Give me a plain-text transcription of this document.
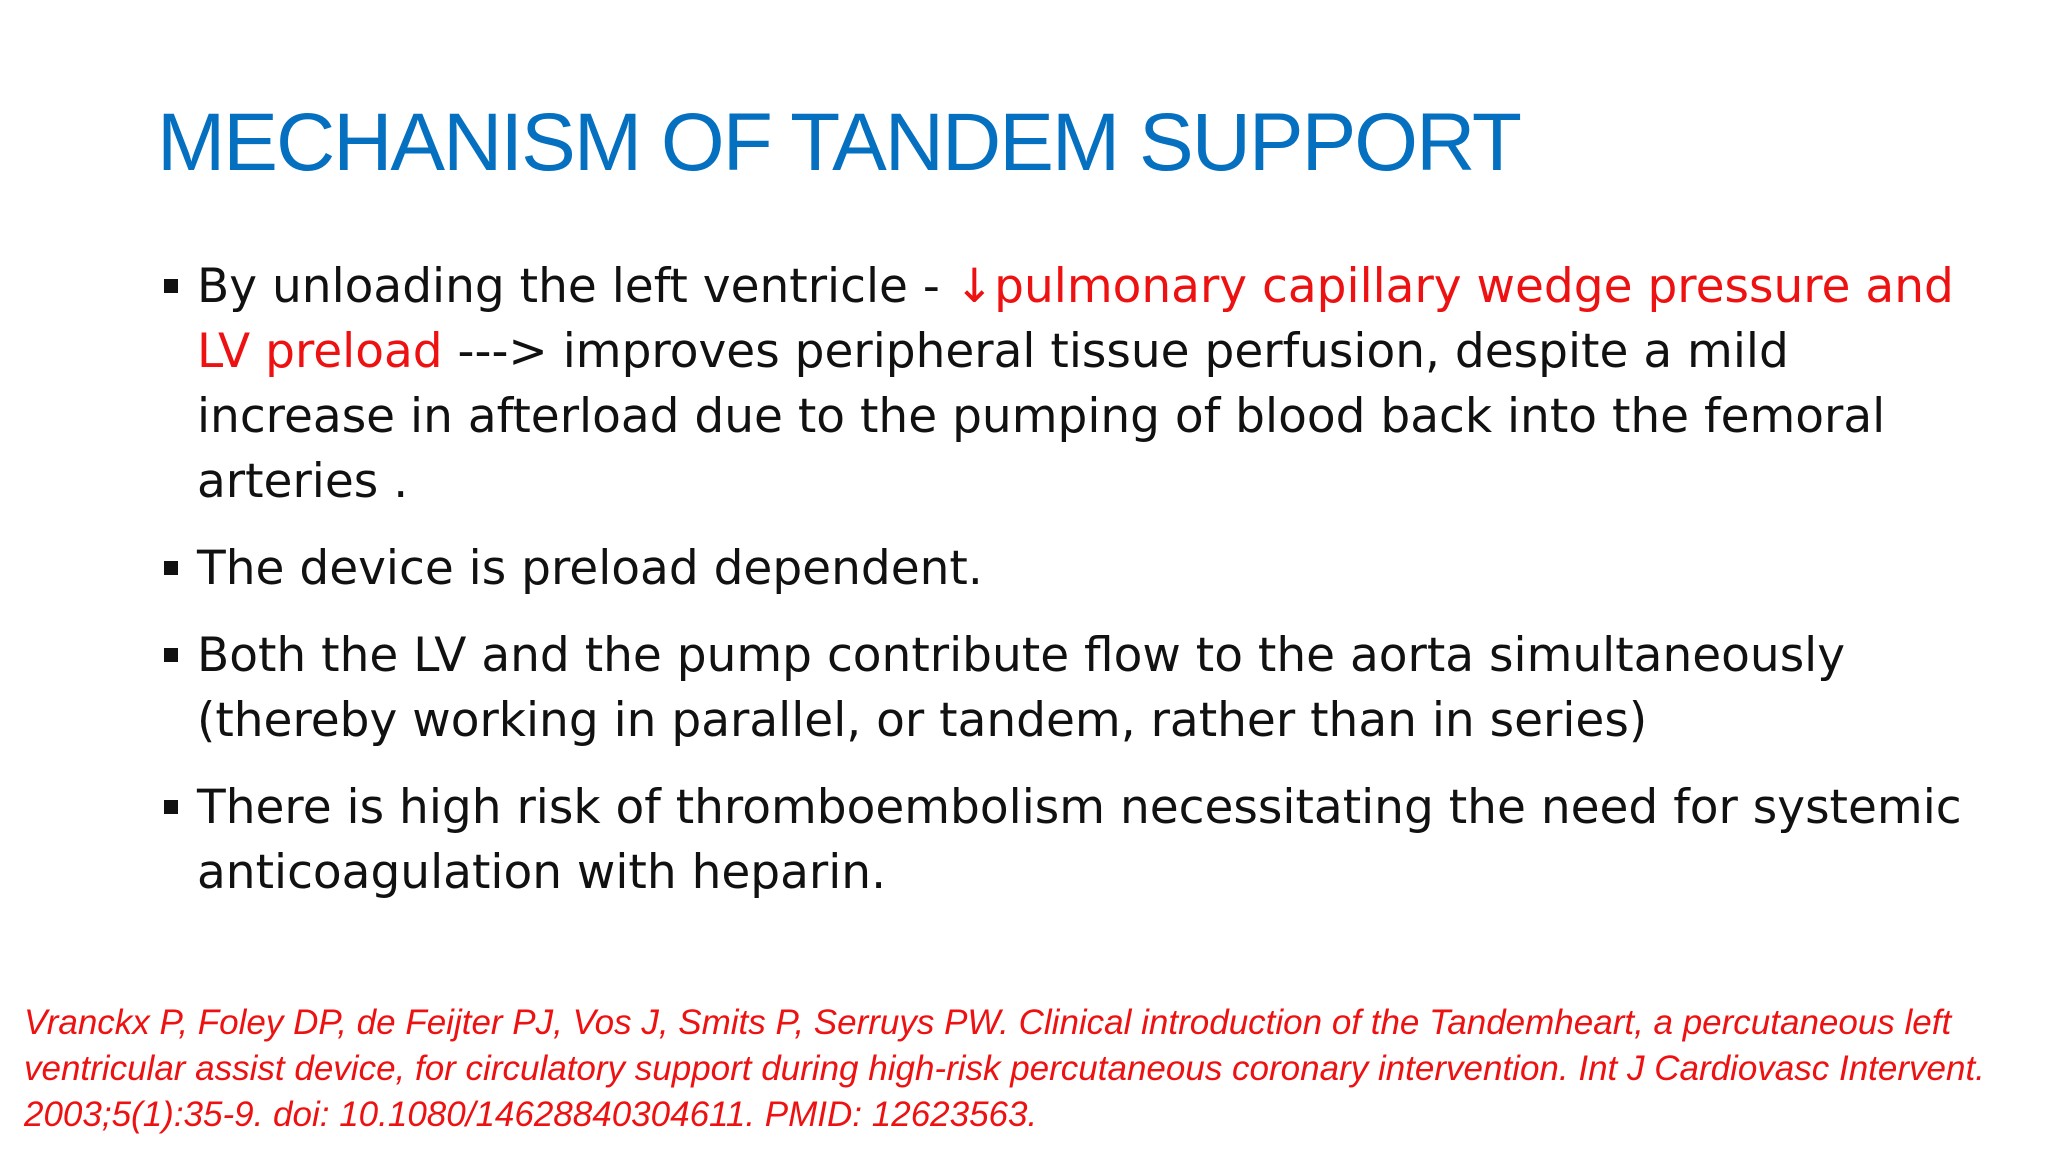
MECHANISM OF TANDEM SUPPORT
By unloading the left ventricle - ↓pulmonary capillary wedge pressure and LV preload ---> improves peripheral tissue perfusion, despite a mild increase in afterload due to the pumping of blood back into the femoral arteries .
The device is preload dependent.
Both the LV and the pump contribute flow to the aorta simultaneously (thereby working in parallel, or tandem, rather than in series)
There is high risk of thromboembolism necessitating the need for systemic anticoagulation with heparin.

Vranckx P, Foley DP, de Feijter PJ, Vos J, Smits P, Serruys PW. Clinical introduction of the Tandemheart, a percutaneous left ventricular assist device, for circulatory support during high-risk percutaneous coronary intervention. Int J Cardiovasc Intervent. 2003;5(1):35-9. doi: 10.1080/14628840304611. PMID: 12623563.
